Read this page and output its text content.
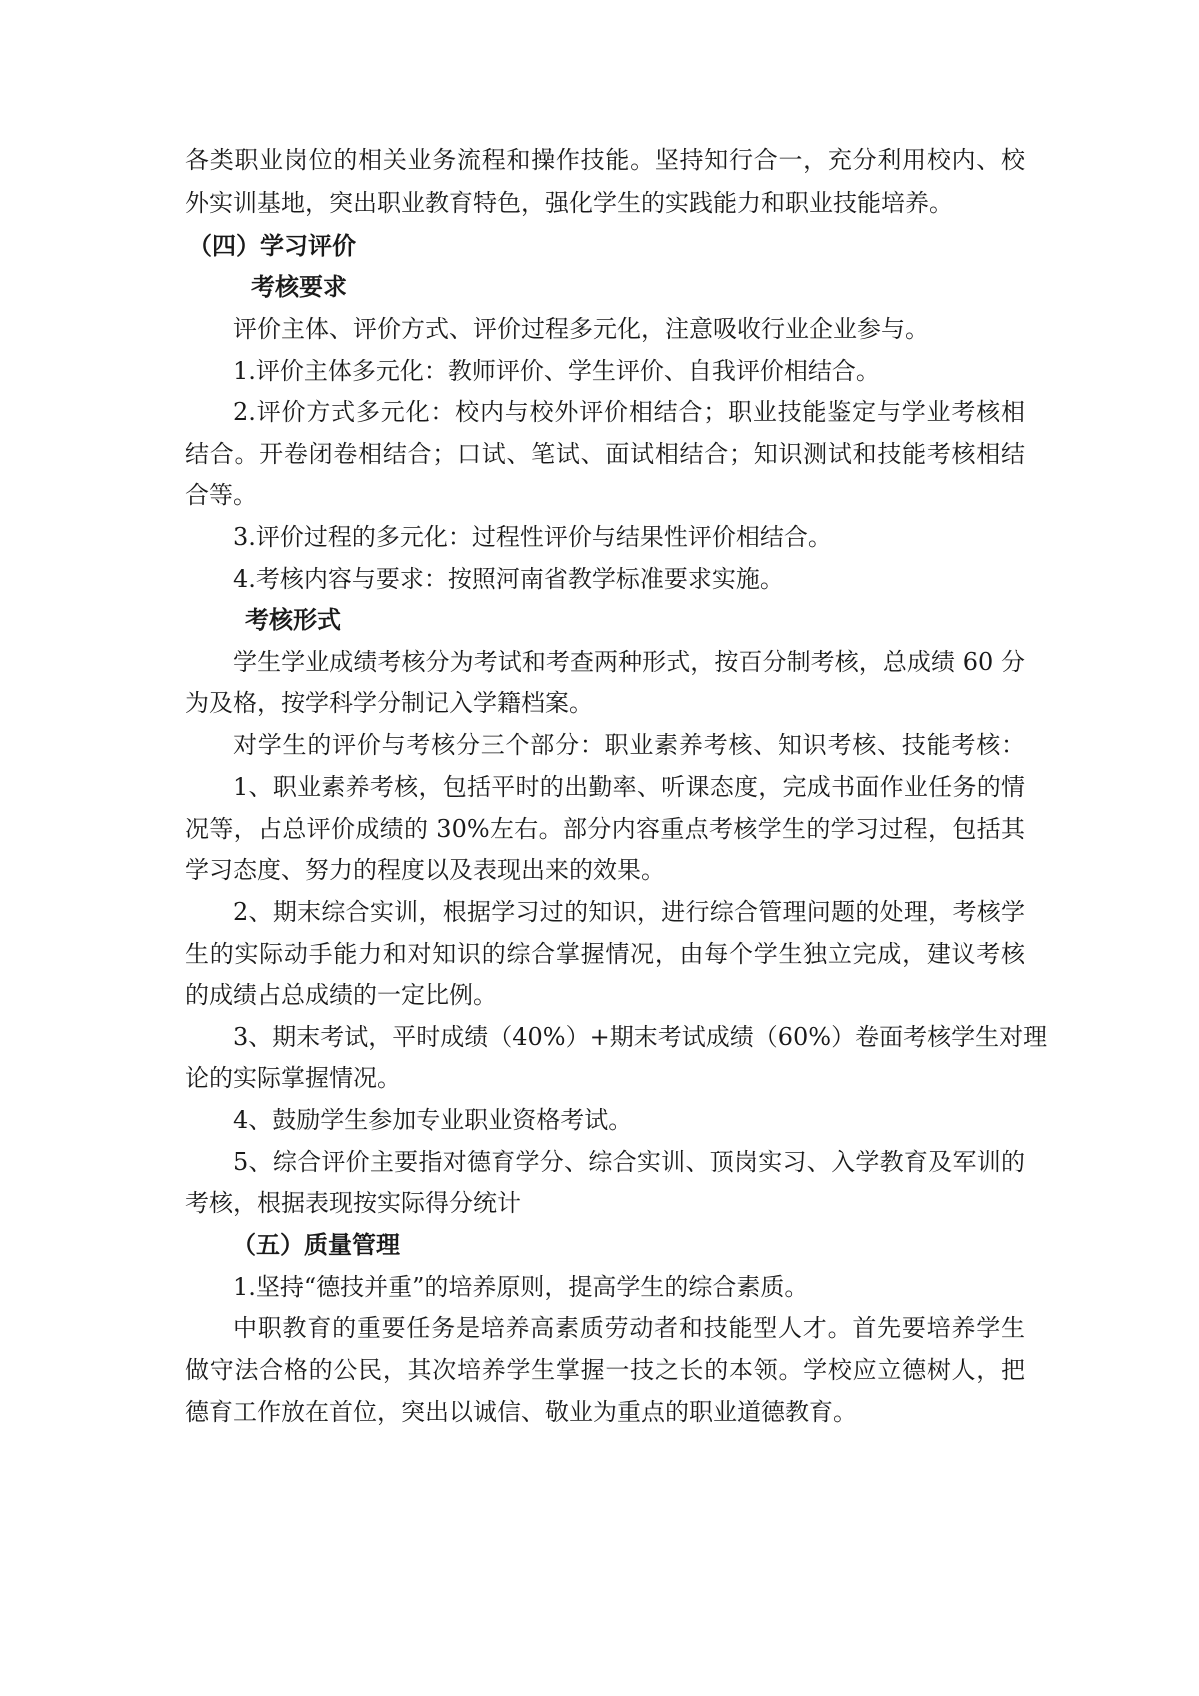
各类职业岗位的相关业务流程和操作技能。坚持知行合一，充分利用校内、校
外实训基地，突出职业教育特色，强化学生的实践能力和职业技能培养。
（四）学习评价
考核要求
评价主体、评价方式、评价过程多元化，注意吸收行业企业参与。
1.评价主体多元化：教师评价、学生评价、自我评价相结合。
2.评价方式多元化：校内与校外评价相结合；职业技能鉴定与学业考核相
结合。开卷闭卷相结合；口试、笔试、面试相结合；知识测试和技能考核相结
合等。
3.评价过程的多元化：过程性评价与结果性评价相结合。
4.考核内容与要求：按照河南省教学标准要求实施。
考核形式
学生学业成绩考核分为考试和考查两种形式，按百分制考核，总成绩 60 分
为及格，按学科学分制记入学籍档案。
对学生的评价与考核分三个部分：职业素养考核、知识考核、技能考核：
1、职业素养考核，包括平时的出勤率、听课态度，完成书面作业任务的情
况等，占总评价成绩的 30%左右。部分内容重点考核学生的学习过程，包括其
学习态度、努力的程度以及表现出来的效果。
2、期末综合实训，根据学习过的知识，进行综合管理问题的处理，考核学
生的实际动手能力和对知识的综合掌握情况，由每个学生独立完成，建议考核
的成绩占总成绩的一定比例。
3、期末考试，平时成绩（40%）+期末考试成绩（60%）卷面考核学生对理
论的实际掌握情况。
4、鼓励学生参加专业职业资格考试。
5、综合评价主要指对德育学分、综合实训、顶岗实习、入学教育及军训的
考核，根据表现按实际得分统计
（五）质量管理
1.坚持“德技并重”的培养原则，提高学生的综合素质。
中职教育的重要任务是培养高素质劳动者和技能型人才。首先要培养学生
做守法合格的公民，其次培养学生掌握一技之长的本领。学校应立德树人，把
德育工作放在首位，突出以诚信、敬业为重点的职业道德教育。
